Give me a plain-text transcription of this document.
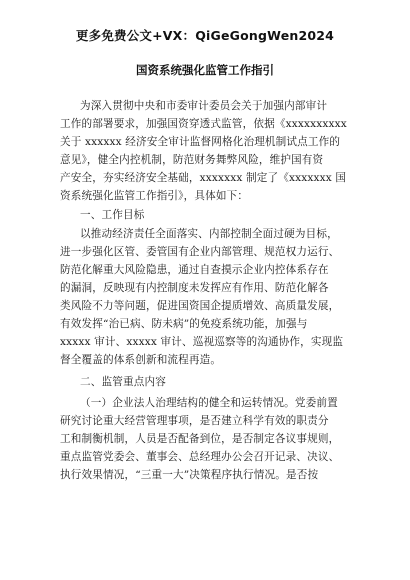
更多免费公文+VX：QiGeGongWen2024
国资系统强化监管工作指引
为深入贯彻中央和市委审计委员会关于加强内部审计
工作的部署要求，加强国资穿透式监管，依据《xxxxxxxxxx
关于 xxxxxx 经济安全审计监督网格化治理机制试点工作的
意见》，健全内控机制，防范财务舞弊风险，维护国有资
产安全，夯实经济安全基础，xxxxxxx 制定了《xxxxxxx 国
资系统强化监管工作指引》，具体如下：
一、工作目标
以推动经济责任全面落实、内部控制全面过硬为目标，
进一步强化区管、委管国有企业内部管理、规范权力运行、
防范化解重大风险隐患，通过自查摸示企业内控体系存在
的漏洞，反映现有内控制度未发挥应有作用、防范化解各
类风险不力等问题，促进国资国企提质增效、高质量发展，
有效发挥“治已病、防未病”的免疫系统功能，加强与
xxxxx 审计、xxxxx 审计、巡视巡察等的沟通协作，实现监
督全覆盖的体系创新和流程再造。
二、监管重点内容
（一）企业法人治理结构的健全和运转情况。党委前置
研究讨论重大经营管理事项，是否建立科学有效的职责分
工和制衡机制，人员是否配备到位，是否制定各议事规则，
重点监管党委会、董事会、总经理办公会召开记录、决议、
执行效果情况，“三重一大”决策程序执行情况。是否按
